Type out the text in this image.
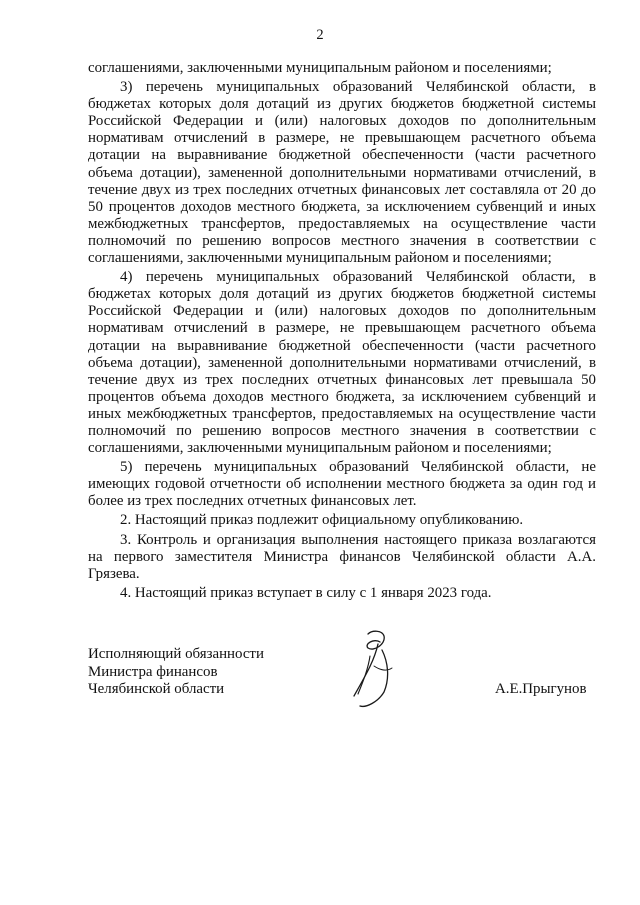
2

соглашениями, заключенными муниципальным районом и поселениями;

3) перечень муниципальных образований Челябинской области, в бюджетах которых доля дотаций из других бюджетов бюджетной системы Российской Федерации и (или) налоговых доходов по дополнительным нормативам отчислений в размере, не превышающем расчетного объема дотации на выравнивание бюджетной обеспеченности (части расчетного объема дотации), замененной дополнительными нормативами отчислений, в течение двух из трех последних отчетных финансовых лет составляла от 20 до 50 процентов доходов местного бюджета, за исключением субвенций и иных межбюджетных трансфертов, предоставляемых на осуществление части полномочий по решению вопросов местного значения в соответствии с соглашениями, заключенными муниципальным районом и поселениями;

4) перечень муниципальных образований Челябинской области, в бюджетах которых доля дотаций из других бюджетов бюджетной системы Российской Федерации и (или) налоговых доходов по дополнительным нормативам отчислений в размере, не превышающем расчетного объема дотации на выравнивание бюджетной обеспеченности (части расчетного объема дотации), замененной дополнительными нормативами отчислений, в течение двух из трех последних отчетных финансовых лет превышала 50 процентов объема доходов местного бюджета, за исключением субвенций и иных межбюджетных трансфертов, предоставляемых на осуществление части полномочий по решению вопросов местного значения в соответствии с соглашениями, заключенными муниципальным районом и поселениями;

5) перечень муниципальных образований Челябинской области, не имеющих годовой отчетности об исполнении местного бюджета за один год и более из трех последних отчетных финансовых лет.

2. Настоящий приказ подлежит официальному опубликованию.

3. Контроль и организация выполнения настоящего приказа возлагаются на первого заместителя Министра финансов Челябинской области А.А. Грязева.

4. Настоящий приказ вступает в силу с 1 января 2023 года.

Исполняющий обязанности
Министра финансов
Челябинской области	А.Е.Прыгунов
